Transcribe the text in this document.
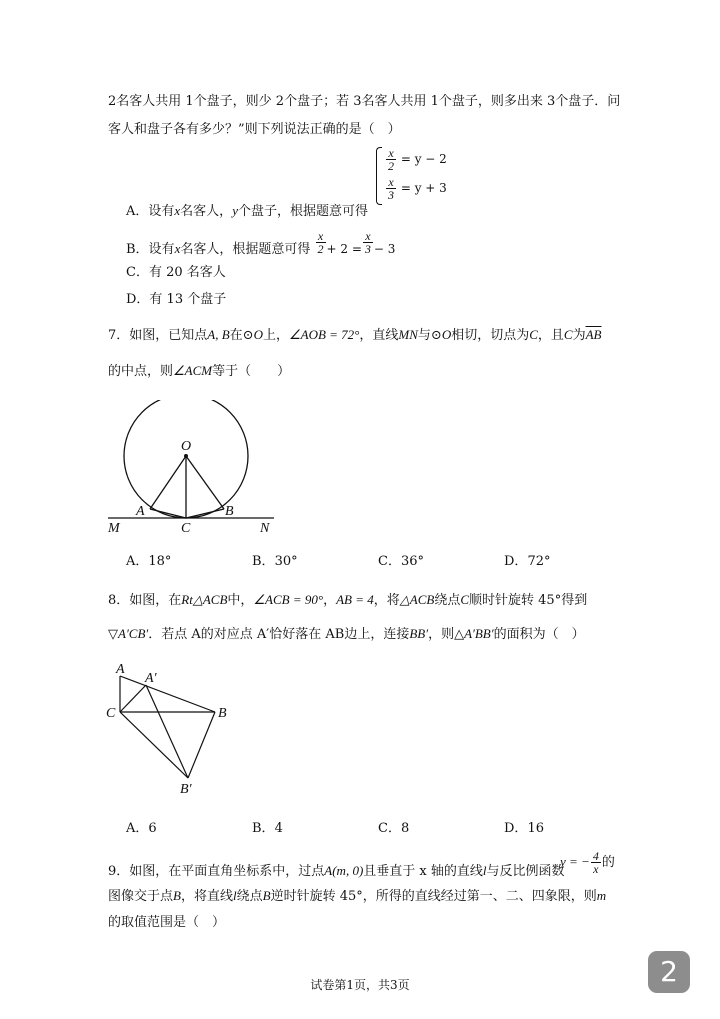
2名客人共用 1个盘子，则少 2个盘子；若 3名客人共用 1个盘子，则多出来 3个盘子．问
客人和盘子各有多少？”则下列说法正确的是（　）
$\frac{x}{2} = y - 2$
$\frac{x}{3} = y + 3$
A．设有x名客人，y个盘子，根据题意可得
B．设有x名客人，根据题意可得 $\frac{x}{2} + 2 = \frac{x}{3} - 3$
C．有 20 名客人
D．有 13 个盘子
7．如图，已知点A, B在⊙O上，∠AOB = 72°，直线MN与⊙O相切，切点为C，且C为$\overline{AB}$
的中点，则∠ACM等于（　　）
O
A	B
C
M	N
A．18°	B．30°	C．36°	D．72°
8．如图，在Rt△ACB中，∠ACB = 90°，AB = 4，将△ACB绕点C顺时针旋转 45°得到
▽A′CB′．若点 A的对应点 A′恰好落在 AB边上，连接BB′，则△A′BB′的面积为（　）
A
A′
C	B
B′
A．6	B．4	C．8	D．16
9．如图，在平面直角坐标系中，过点A(m, 0)且垂直于 x 轴的直线l与反比例函数
y = − $\frac{4}{x}$ 的
图像交于点B，将直线l绕点B逆时针旋转 45°，所得的直线经过第一、二、四象限，则m
的取值范围是（　）
试卷第1页，共3页	2
